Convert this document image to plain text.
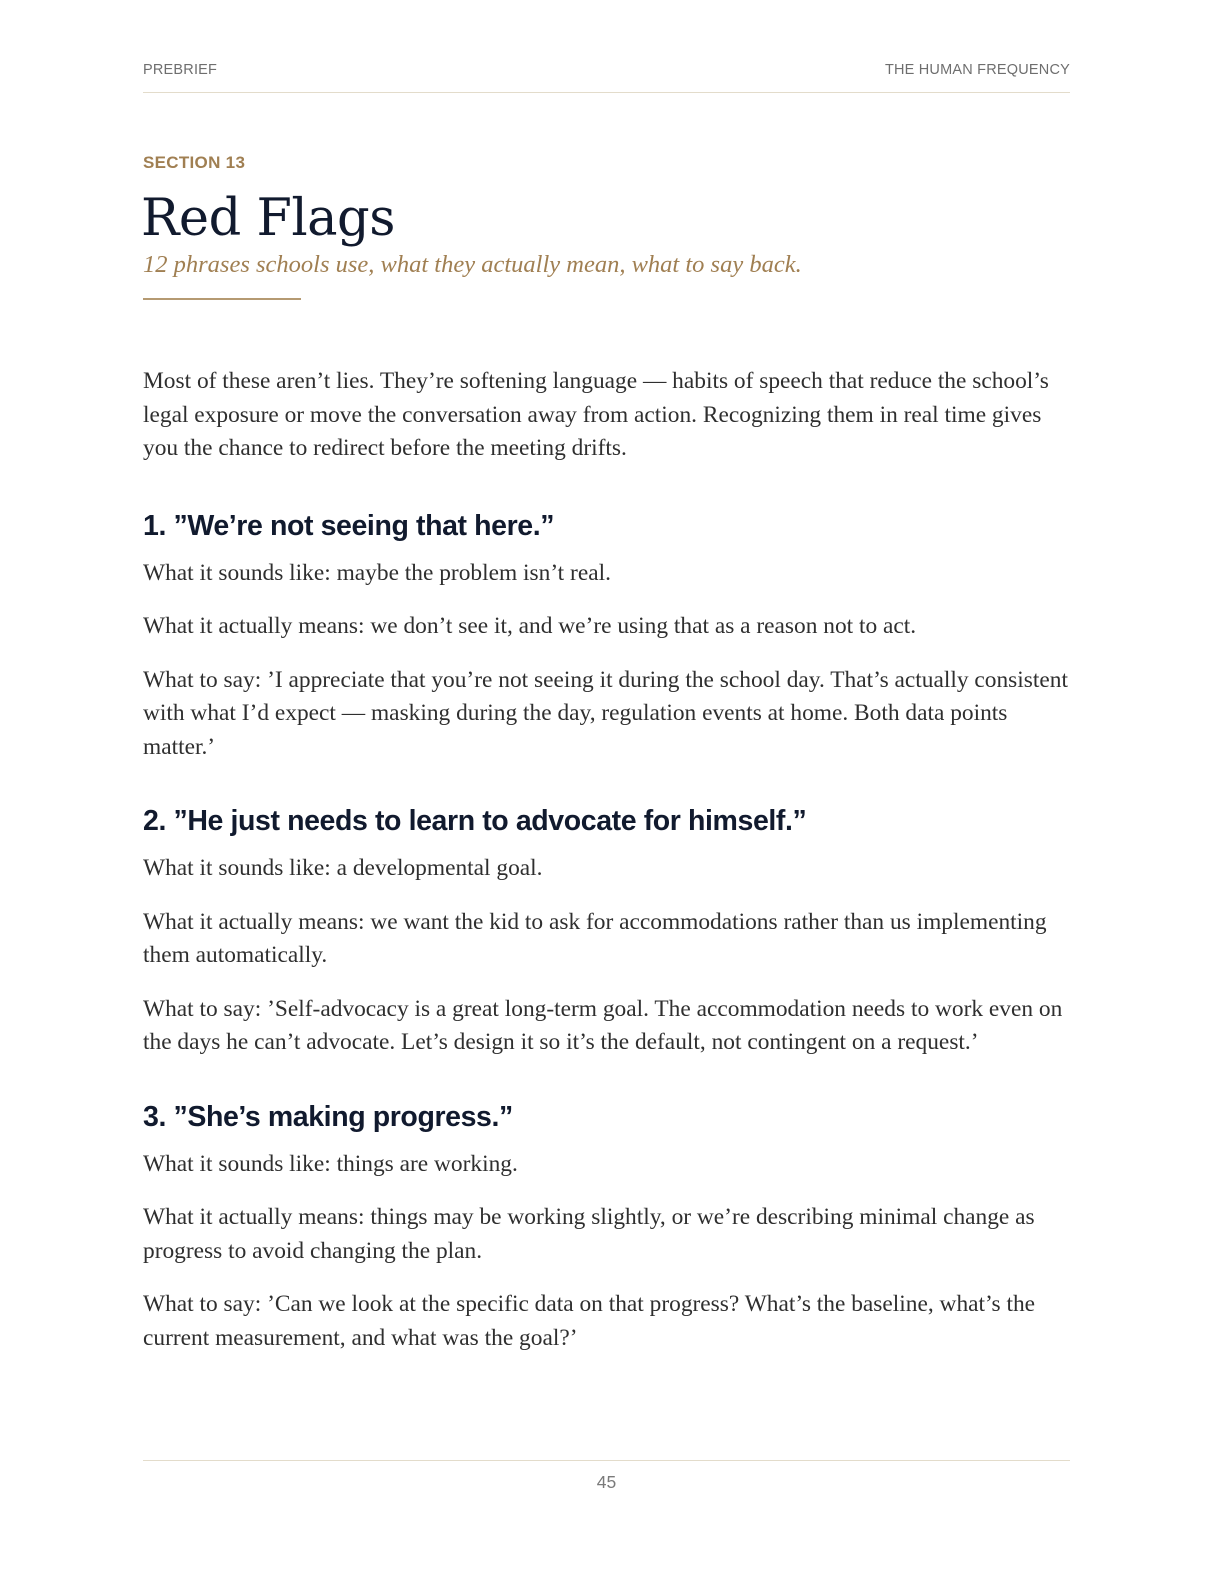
PREBRIEF	THE HUMAN FREQUENCY
SECTION 13
Red Flags
12 phrases schools use, what they actually mean, what to say back.

Most of these aren’t lies. They’re softening language — habits of speech that reduce the school’s legal exposure or move the conversation away from action. Recognizing them in real time gives you the chance to redirect before the meeting drifts.

1. ”We’re not seeing that here.”

What it sounds like: maybe the problem isn’t real.

What it actually means: we don’t see it, and we’re using that as a reason not to act.

What to say: ’I appreciate that you’re not seeing it during the school day. That’s actually consistent with what I’d expect — masking during the day, regulation events at home. Both data points matter.’

2. ”He just needs to learn to advocate for himself.”

What it sounds like: a developmental goal.

What it actually means: we want the kid to ask for accommodations rather than us implementing them automatically.

What to say: ’Self-advocacy is a great long-term goal. The accommodation needs to work even on the days he can’t advocate. Let’s design it so it’s the default, not contingent on a request.’

3. ”She’s making progress.”

What it sounds like: things are working.

What it actually means: things may be working slightly, or we’re describing minimal change as progress to avoid changing the plan.

What to say: ’Can we look at the specific data on that progress? What’s the baseline, what’s the current measurement, and what was the goal?’

45
